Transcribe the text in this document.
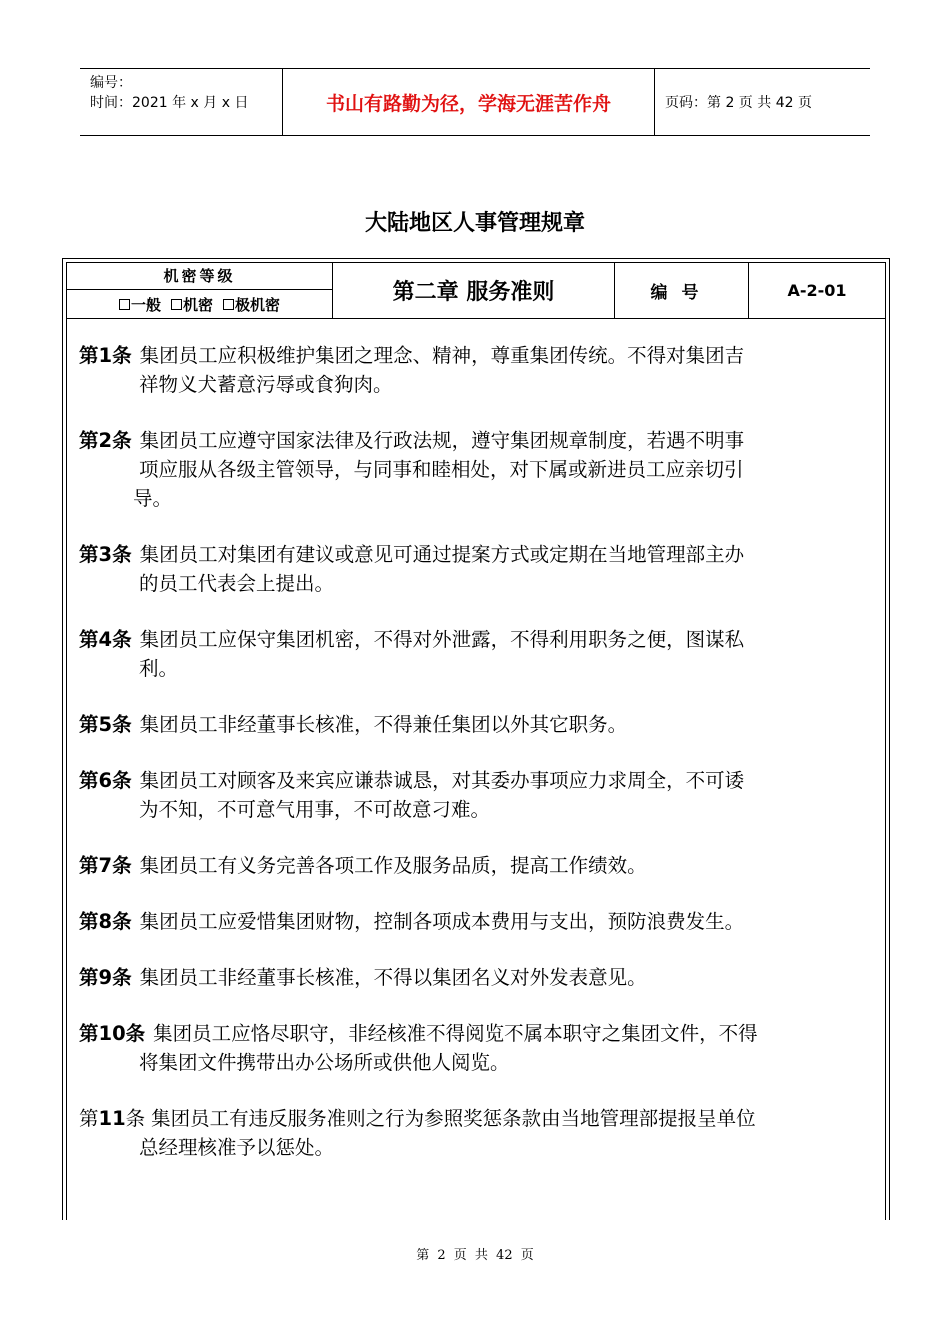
编号：
时间：2021 年 x 月 x 日	书山有路勤为径，学海无涯苦作舟	页码：第 2 页 共 42 页
大陆地区人事管理规章
机密等级
一般 机密 极机密	第二章 服务准则	编号	A-2-01
第1条 集团员工应积极维护集团之理念、精神，尊重集团传统。不得对集团吉
祥物义犬蓄意污辱或食狗肉。
第2条 集团员工应遵守国家法律及行政法规，遵守集团规章制度，若遇不明事
项应服从各级主管领导，与同事和睦相处，对下属或新进员工应亲切引
导。
第3条 集团员工对集团有建议或意见可通过提案方式或定期在当地管理部主办
的员工代表会上提出。
第4条 集团员工应保守集团机密，不得对外泄露，不得利用职务之便，图谋私
利。
第5条 集团员工非经董事长核准，不得兼任集团以外其它职务。
第6条 集团员工对顾客及来宾应谦恭诚恳，对其委办事项应力求周全，不可诿
为不知，不可意气用事，不可故意刁难。
第7条 集团员工有义务完善各项工作及服务品质，提高工作绩效。
第8条 集团员工应爱惜集团财物，控制各项成本费用与支出，预防浪费发生。
第9条 集团员工非经董事长核准，不得以集团名义对外发表意见。
第10条 集团员工应恪尽职守，非经核准不得阅览不属本职守之集团文件，不得
将集团文件携带出办公场所或供他人阅览。
第11条 集团员工有违反服务准则之行为参照奖惩条款由当地管理部提报呈单位
总经理核准予以惩处。
第 2 页 共 42 页
